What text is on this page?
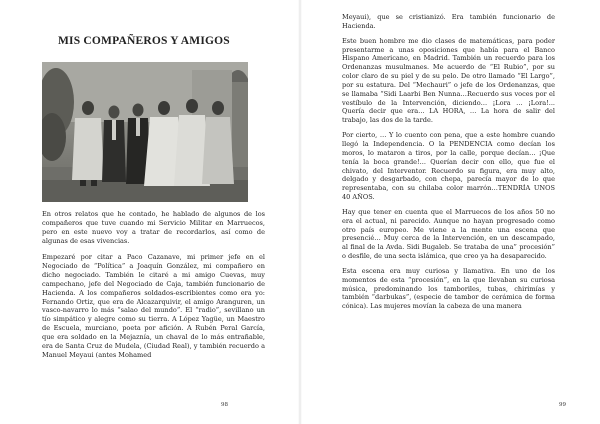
MIS COMPAÑEROS Y AMIGOS

En otros relatos que he contado, he hablado de algunos de los compañeros que tuve cuando mi Servicio Militar en Marruecos, pero en este nuevo voy a tratar de recordarlos, así como de algunas de esas vivencias.

Empezaré por citar a Paco Cazanave, mi primer jefe en el Negociado de “Política” a Joaquín González, mi compañero en dicho negociado. También le citaré a mi amigo Cuevas, muy campechano, jefe del Negociado de Caja, también funcionario de Hacienda. A los compañeros soldados-escribientes como era yo: Fernando Ortiz, que era de Alcazarquivir, el amigo Aranguren, un vasco-navarro lo más “salao del mundo”. El “radio”, sevillano un tío simpático y alegre como su tierra. A López Yagüe, un Maestro de Escuela, murciano, poeta por afición. A Rubén Peral García, que era soldado en la Mejaznía, un chaval de lo más entrañable, era de Santa Cruz de Mudela, (Ciudad Real), y también recuerdo a Manuel Meyaui (antes Mohamed

98

Meyaui), que se cristianizó. Era también funcionario de Hacienda.

Este buen hombre me dio clases de matemáticas, para poder presentarme a unas oposiciones que había para el Banco Hispano Americano, en Madrid. También un recuerdo para los Ordenanzas musulmanes. Me acuerdo de “El Rubio”, por su color claro de su piel y de su pelo. De otro llamado “El Largo”, por su estatura. Del “Mechauri” o jefe de los Ordenanzas, que se llamaba “Sidi Laarbi Ben Nunna…Recuerdo sus voces por el vestíbulo de la Intervención, diciendo… ¡Lora … ¡Lora!... Quería decir que era… LA HORA, … La hora de salir del trabajo, las dos de la tarde.

Por cierto, … Y lo cuento con pena, que a este hombre cuando llegó la Independencia. O la PENDENCIA como decían los moros, lo mataron a tiros, por la calle, porque decían… ¡Que tenía la boca grande!... Querían decir con ello, que fue el chivato, del Interventor. Recuerdo su figura, era muy alto, delgado y desgarbado, con chepa, parecía mayor de lo que representaba, con su chilaba color marrón…TENDRÍA UNOS 40 AÑOS.

Hay que tener en cuenta que el Marruecos de los años 50 no era el actual, ni parecido. Aunque no hayan progresado como otro país europeo. Me viene a la mente una escena que presencié… Muy cerca de la Intervención, en un descampado, al final de la Avda. Sidi Bugaleb. Se trataba de una” procesión” o desfile, de una secta islámica, que creo ya ha desaparecido.

Esta escena era muy curiosa y llamativa. En uno de los momentos de esta “procesión”, en la que llevaban su curiosa música, predominando los tamboriles, tubas, chirimías y también “darbukas”, (especie de tambor de cerámica de forma cónica). Las mujeres movían la cabeza de una manera

99
